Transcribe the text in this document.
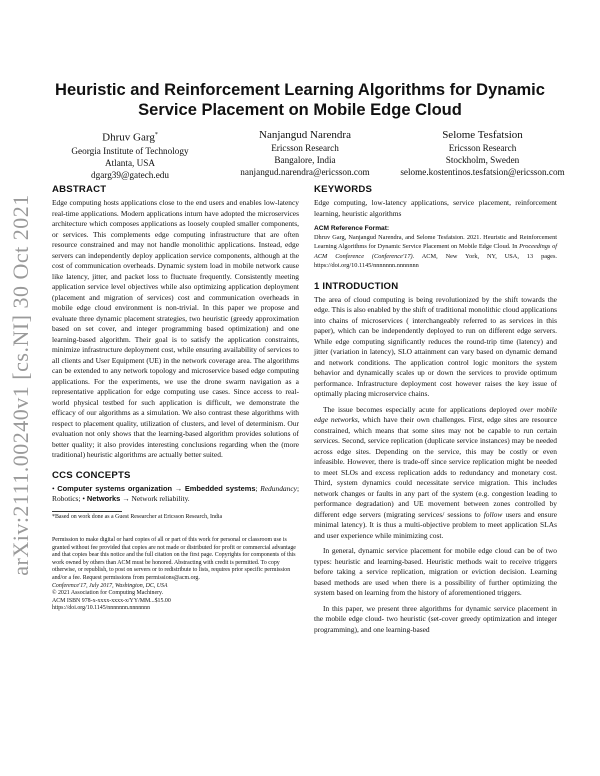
arXiv:2111.00240v1 [cs.NI] 30 Oct 2021
Heuristic and Reinforcement Learning Algorithms for Dynamic
Service Placement on Mobile Edge Cloud
Dhruv Garg*
Georgia Institute of Technology
Atlanta, USA
dgarg39@gatech.edu
Nanjangud Narendra
Ericsson Research
Bangalore, India
nanjangud.narendra@ericsson.com
Selome Tesfatsion
Ericsson Research
Stockholm, Sweden
selome.kostentinos.tesfatsion@ericsson.com
ABSTRACT

Edge computing hosts applications close to the end users and enables low-latency real-time applications. Modern applications inturn have adopted the microservices architecture which composes applications as loosely coupled smaller components, or services. This complements edge computing infrastructure that are often resource constrained and may not handle monolithic applications. Instead, edge servers can independently deploy application service components, although at the cost of communication overheads. Dynamic system load in mobile network cause like latency, jitter, and packet loss to fluctuate frequently. Consistently meeting application service level objectives while also optimizing application deployment (placement and migration of services) cost and communication overheads in mobile edge cloud environment is non-trivial. In this paper we propose and evaluate three dynamic placement strategies, two heuristic (greedy approximation based on set cover, and integer programming based optimization) and one learning-based algorithm. Their goal is to satisfy the application constraints, minimize infrastructure deployment cost, while ensuring availability of services to all clients and User Equipment (UE) in the network coverage area. The algorithms can be extended to any network topology and microservice based edge computing applications. For the experiments, we use the drone swarm navigation as a representative application for edge computing use cases. Since access to real-world physical testbed for such application is difficult, we demonstrate the efficacy of our algorithms as a simulation. We also contrast these algorithms with respect to placement quality, utilization of clusters, and level of determinism. Our evaluation not only shows that the learning-based algorithm provides solutions of better quality; it also provides interesting conclusions regarding when the (more traditional) heuristic algorithms are actually better suited.

CCS CONCEPTS

• Computer systems organization → Embedded systems; Redundancy; Robotics; • Networks → Network reliability.

*Based on work done as a Guest Researcher at Ericsson Research, India

Permission to make digital or hard copies of all or part of this work for personal or classroom use is granted without fee provided that copies are not made or distributed for profit or commercial advantage and that copies bear this notice and the full citation on the first page. Copyrights for components of this work owned by others than ACM must be honored. Abstracting with credit is permitted. To copy otherwise, or republish, to post on servers or to redistribute to lists, requires prior specific permission and/or a fee. Request permissions from permissions@acm.org.

Conference'17, July 2017, Washington, DC, USA

© 2021 Association for Computing Machinery.

ACM ISBN 978-x-xxxx-xxxx-x/YY/MM...$15.00

https://doi.org/10.1145/nnnnnnn.nnnnnnn

KEYWORDS

Edge computing, low-latency applications, service placement, reinforcement learning, heuristic algorithms

ACM Reference Format:

Dhruv Garg, Nanjangud Narendra, and Selome Tesfatsion. 2021. Heuristic and Reinforcement Learning Algorithms for Dynamic Service Placement on Mobile Edge Cloud. In Proceedings of ACM Conference (Conference'17). ACM, New York, NY, USA, 13 pages. https://doi.org/10.1145/nnnnnnn.nnnnnnn

1 INTRODUCTION

The area of cloud computing is being revolutionized by the shift towards the edge. This is also enabled by the shift of traditional monolithic cloud applications into chains of microservices ( interchangeably referred to as services in this paper), which can be independently deployed to run on different edge servers. While edge computing significantly reduces the round-trip time (latency) and jitter (variation in latency), SLO attainment can vary based on dynamic demand and network conditions. The application control logic monitors the system behavior and dynamically scales up or down the services to provide optimum performance. Infrastructure deployment cost however raises the key issue of optimally placing microservice chains.

The issue becomes especially acute for applications deployed over mobile edge networks, which have their own challenges. First, edge sites are resource constrained, which means that some sites may not be capable to run certain services. Second, service replication (duplicate service instances) may be needed across edge sites. Depending on the service, this may be costly or even infeasible. However, there is trade-off since service replication might be needed to meet SLOs and excess replication adds to redundancy and monetary cost. Third, system dynamics could necessitate service migration. This includes network changes or faults in any part of the system (e.g. congestion leading to performance degradation) and UE movement between zones controlled by different edge servers (migrating services/ sessions to follow users and ensure minimal latency). It is thus a multi-objective problem to meet application SLAs and user experience while minimizing cost.

In general, dynamic service placement for mobile edge cloud can be of two types: heuristic and learning-based. Heuristic methods wait to receive triggers before taking a service replication, migration or eviction decision. Learning based methods are used when there is a possibility of further optimizing the system based on learning from the history of aforementioned triggers.

In this paper, we present three algorithms for dynamic service placement in the mobile edge cloud- two heuristic (set-cover greedy optimization and integer programming), and one learning-based
